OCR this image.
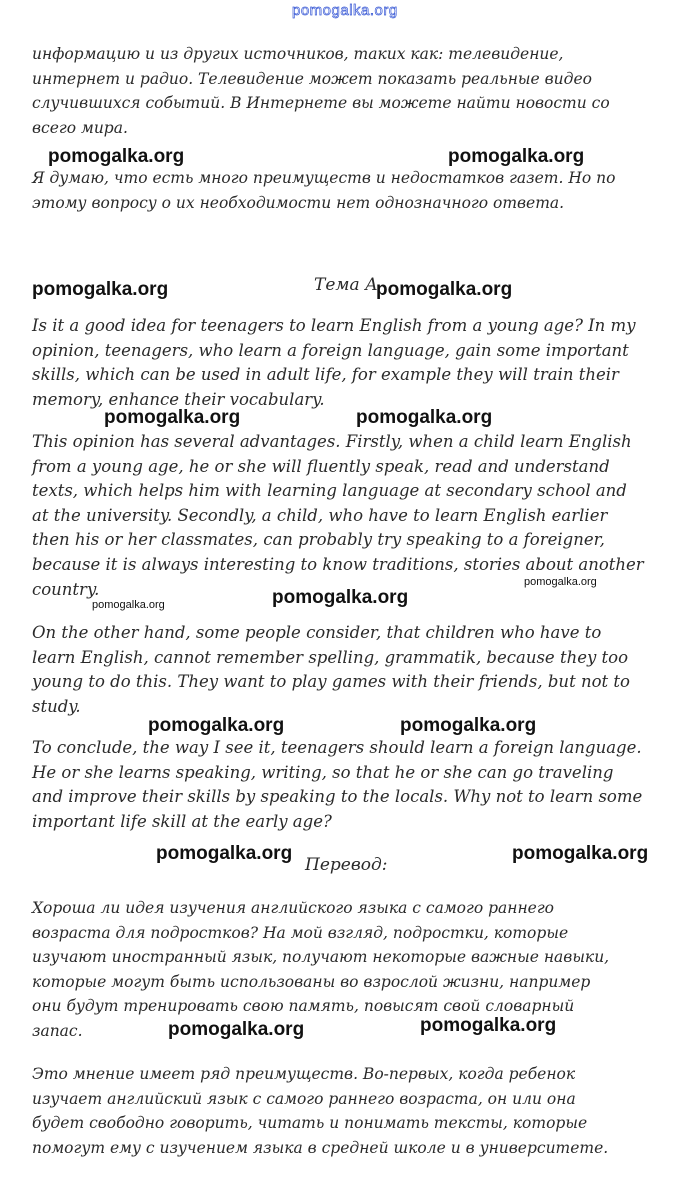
pomogalka.org
информацию и из других источников, таких как: телевидение,
интернет и радио. Телевидение может показать реальные видео
случившихся событий. В Интернете вы можете найти новости со
всего мира.
Я думаю, что есть много преимуществ и недостатков газет. Но по
этому вопросу о их необходимости нет однозначного ответа.
Тема А
Is it a good idea for teenagers to learn English from a young age? In my
opinion, teenagers, who learn a foreign language, gain some important
skills, which can be used in adult life, for example they will train their
memory, enhance their vocabulary.
This opinion has several advantages. Firstly, when a child learn English
from a young age, he or she will fluently speak, read and understand
texts, which helps him with learning language at secondary school and
at the university. Secondly, a child, who have to learn English earlier
then his or her classmates, can probably try speaking to a foreigner,
because it is always interesting to know traditions, stories about another
country.
On the other hand, some people consider, that children who have to
learn English, cannot remember spelling, grammatik, because they too
young to do this. They want to play games with their friends, but not to
study.
To conclude, the way I see it, teenagers should learn a foreign language.
He or she learns speaking, writing, so that he or she can go traveling
and improve their skills by speaking to the locals. Why not to learn some
important life skill at the early age?
Перевод:
Хороша ли идея изучения английского языка с самого раннего
возраста для подростков? На мой взгляд, подростки, которые
изучают иностранный язык, получают некоторые важные навыки,
которые могут быть использованы во взрослой жизни, например
они будут тренировать свою память, повысят свой словарный
запас.
Это мнение имеет ряд преимуществ. Во-первых, когда ребенок
изучает английский язык с самого раннего возраста, он или она
будет свободно говорить, читать и понимать тексты, которые
помогут ему с изучением языка в средней школе и в университете.
pomogalka.org	pomogalka.org
pomogalka.org	pomogalka.org
pomogalka.org	pomogalka.org
pomogalka.org
pomogalka.org	pomogalka.org
pomogalka.org	pomogalka.org
pomogalka.org	pomogalka.org
pomogalka.org	pomogalka.org
